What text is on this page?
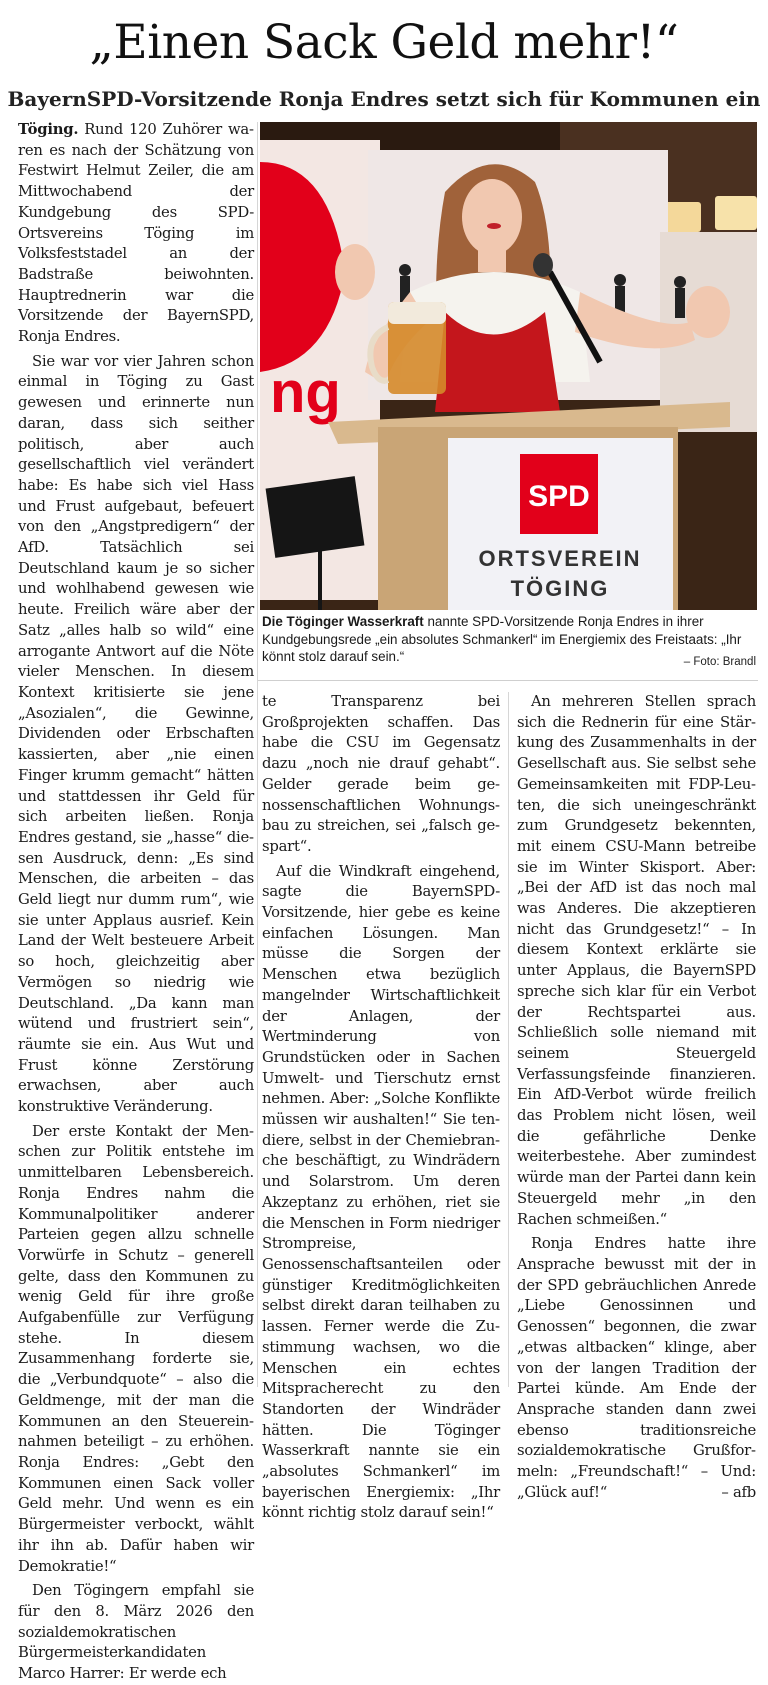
„Einen Sack Geld mehr!“
BayernSPD-Vorsitzende Ronja Endres setzt sich für Kommunen ein

Töging. Rund 120 Zuhörer waren es nach der Schätzung von Festwirt Helmut Zeiler, die am Mittwochabend der Kundgebung des SPD-Ortsvereins Töging im Volksfeststadel an der Badstraße beiwohnten. Hauptrednerin war die Vorsitzende der BayernSPD, Ronja Endres.

Sie war vor vier Jahren schon einmal in Töging zu Gast gewesen und erinnerte nun daran, dass sich seither politisch, aber auch gesellschaftlich viel verändert habe: Es habe sich viel Hass und Frust aufgebaut, befeuert von den „Angstpredigern“ der AfD. Tatsächlich sei Deutschland kaum je so sicher und wohlhabend gewesen wie heute. Freilich wäre aber der Satz „alles halb so wild“ eine arrogante Antwort auf die Nöte vieler Menschen. In diesem Kontext kritisierte sie jene „Asozialen“, die Gewinne, Dividenden oder Erbschaften kassierten, aber „nie einen Finger krumm gemacht“ hätten und stattdessen ihr Geld für sich arbeiten ließen. Ronja Endres gestand, sie „hasse“ diesen Ausdruck, denn: „Es sind Menschen, die arbeiten – das Geld liegt nur dumm rum“, wie sie unter Applaus ausrief. Kein Land der Welt besteuere Arbeit so hoch, gleichzeitig aber Vermögen so niedrig wie Deutschland. „Da kann man wütend und frustriert sein“, räumte sie ein. Aus Wut und Frust könne Zerstörung erwachsen, aber auch konstruktive Veränderung.

Der erste Kontakt der Menschen zur Politik entstehe im unmittelbaren Lebensbereich. Ronja Endres nahm die Kommunalpolitiker anderer Parteien gegen allzu schnelle Vorwürfe in Schutz – generell gelte, dass den Kommunen zu wenig Geld für ihre große Aufgabenfülle zur Verfügung stehe. In diesem Zusammenhang forderte sie, die „Verbundquote“ – also die Geldmenge, mit der man die Kommunen an den Steuereinnahmen beteiligt – zu erhöhen. Ronja Endres: „Gebt den Kommunen einen Sack voller Geld mehr. Und wenn es ein Bürgermeister verbockt, wählt ihr ihn ab. Dafür haben wir Demokratie!“

Den Tögingern empfahl sie für den 8. März 2026 den sozialdemokratischen Bürgermeisterkandidaten Marco Harrer: Er werde ech

ng
SPD
ORTSVEREIN
TÖGING
Die Töginger Wasserkraft nannte SPD-Vorsitzende Ronja Endres in ihrer Kundgebungsrede „ein absolutes Schmankerl“ im Energiemix des Freistaats: „Ihr könnt stolz darauf sein.“	– Foto: Brandl

te Transparenz bei Großprojekten schaffen. Das habe die CSU im Gegensatz dazu „noch nie drauf gehabt“. Gelder gerade beim genossenschaftlichen Wohnungsbau zu streichen, sei „falsch gespart“.

Auf die Windkraft eingehend, sagte die BayernSPD-Vorsitzende, hier gebe es keine einfachen Lösungen. Man müsse die Sorgen der Menschen etwa bezüglich mangelnder Wirtschaftlichkeit der Anlagen, der Wertminderung von Grundstücken oder in Sachen Umwelt- und Tierschutz ernst nehmen. Aber: „Solche Konflikte müssen wir aushalten!“ Sie tendiere, selbst in der Chemiebranche beschäftigt, zu Windrädern und Solarstrom. Um deren Akzeptanz zu erhöhen, riet sie die Menschen in Form niedriger Strompreise, Genossenschaftsanteilen oder günstiger Kreditmöglichkeiten selbst direkt daran teilhaben zu lassen. Ferner werde die Zustimmung wachsen, wo die Menschen ein echtes Mitspracherecht zu den Standorten der Windräder hätten. Die Töginger Wasserkraft nannte sie ein „absolutes Schmankerl“ im bayerischen Energiemix: „Ihr könnt richtig stolz darauf sein!“

An mehreren Stellen sprach sich die Rednerin für eine Stärkung des Zusammenhalts in der Gesellschaft aus. Sie selbst sehe Gemeinsamkeiten mit FDP-Leuten, die sich uneingeschränkt zum Grundgesetz bekennten, mit einem CSU-Mann betreibe sie im Winter Skisport. Aber: „Bei der AfD ist das noch mal was Anderes. Die akzeptieren nicht das Grundgesetz!“ – In diesem Kontext erklärte sie unter Applaus, die BayernSPD spreche sich klar für ein Verbot der Rechtspartei aus. Schließlich solle niemand mit seinem Steuergeld Verfassungsfeinde finanzieren. Ein AfD-Verbot würde freilich das Problem nicht lösen, weil die gefährliche Denke weiterbestehe. Aber zumindest würde man der Partei dann kein Steuergeld mehr „in den Rachen schmeißen.“

Ronja Endres hatte ihre Ansprache bewusst mit der in der SPD gebräuchlichen Anrede „Liebe Genossinnen und Genossen“ begonnen, die zwar „etwas altbacken“ klinge, aber von der langen Tradition der Partei künde. Am Ende der Ansprache standen dann zwei ebenso traditionsreiche sozialdemokratische Grußformeln: „Freundschaft!“ – Und: „Glück auf!“	– afb
